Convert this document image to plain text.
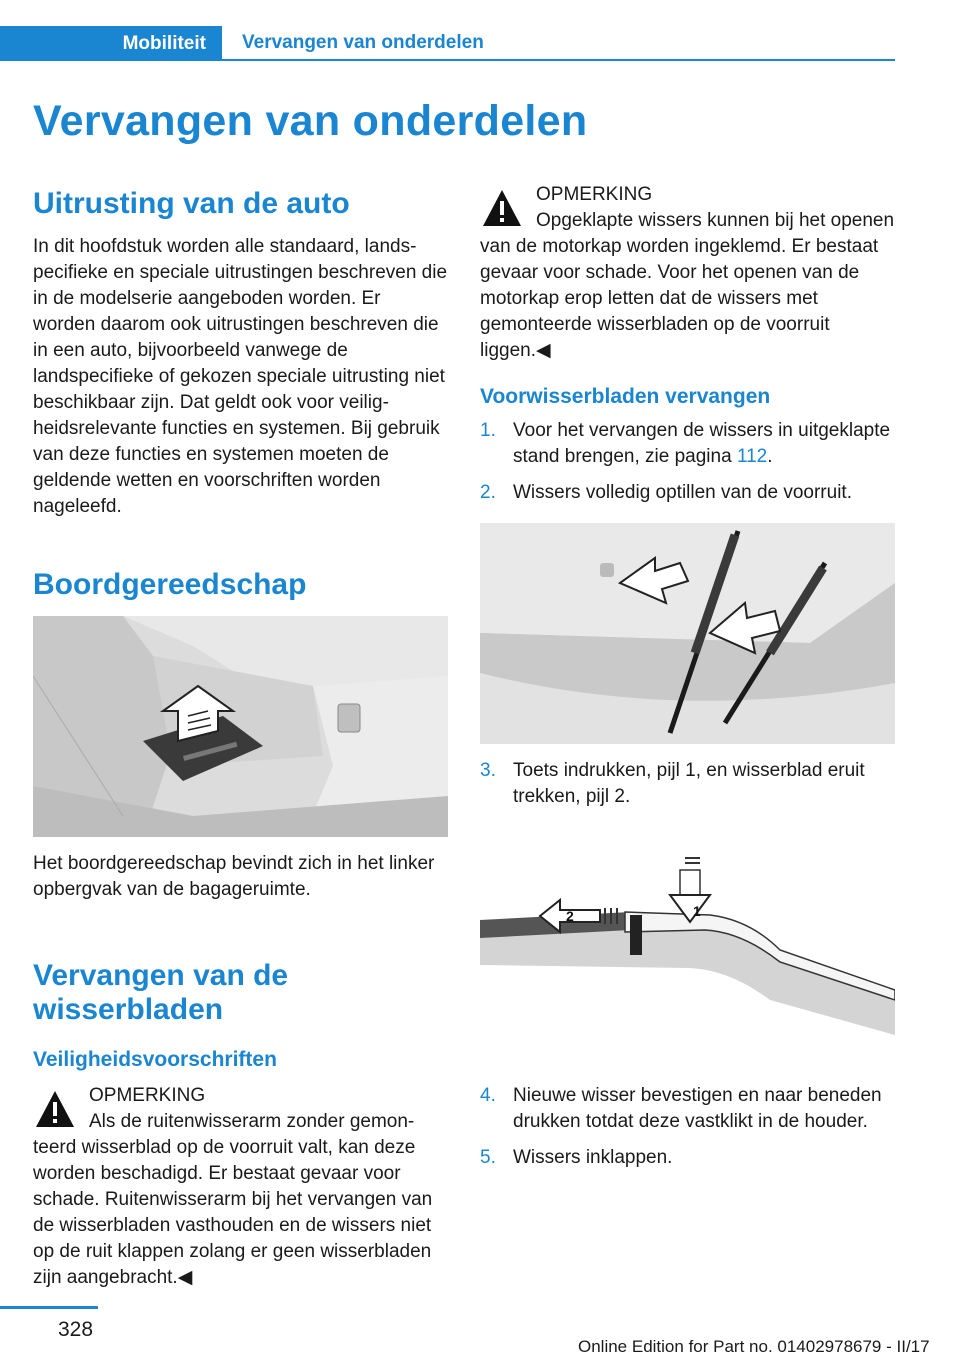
Mobiliteit	Vervangen van onderdelen
Vervangen van onderdelen
Uitrusting van de auto

In dit hoofdstuk worden alle standaard, landspecifieke en speciale uitrustingen beschreven die in de modelserie aangeboden worden. Er worden daarom ook uitrustingen beschreven die in een auto, bijvoorbeeld vanwege de landspecifieke of gekozen speciale uitrusting niet beschikbaar zijn. Dat geldt ook voor veiligheidsrelevante functies en systemen. Bij gebruik van deze functies en systemen moeten de geldende wetten en voorschriften worden nageleefd.

Boordgereedschap

Het boordgereedschap bevindt zich in het linker opbergvak van de bagageruimte.

Vervangen van de wisserbladen
Veiligheidsvoorschriften
OPMERKING
Als de ruitenwisserarm zonder gemonteerd wisserblad op de voorruit valt, kan deze worden beschadigd. Er bestaat gevaar voor schade. Ruitenwisserarm bij het vervangen van de wisserbladen vasthouden en de wissers niet op de ruit klappen zolang er geen wisserbladen zijn aangebracht.◀
OPMERKING
Opgeklapte wissers kunnen bij het openen van de motorkap worden ingeklemd. Er bestaat gevaar voor schade. Voor het openen van de motorkap erop letten dat de wissers met gemonteerde wisserbladen op de voorruit liggen.◀
Voorwisserbladen vervangen
1. Voor het vervangen de wissers in uitgeklapte stand brengen, zie pagina 112.
2. Wissers volledig optillen van de voorruit.
3. Toets indrukken, pijl 1, en wisserblad eruit trekken, pijl 2.
1
2
4. Nieuwe wisser bevestigen en naar beneden drukken totdat deze vastklikt in de houder.
5. Wissers inklappen.
328
Online Edition for Part no. 01402978679 - II/17
